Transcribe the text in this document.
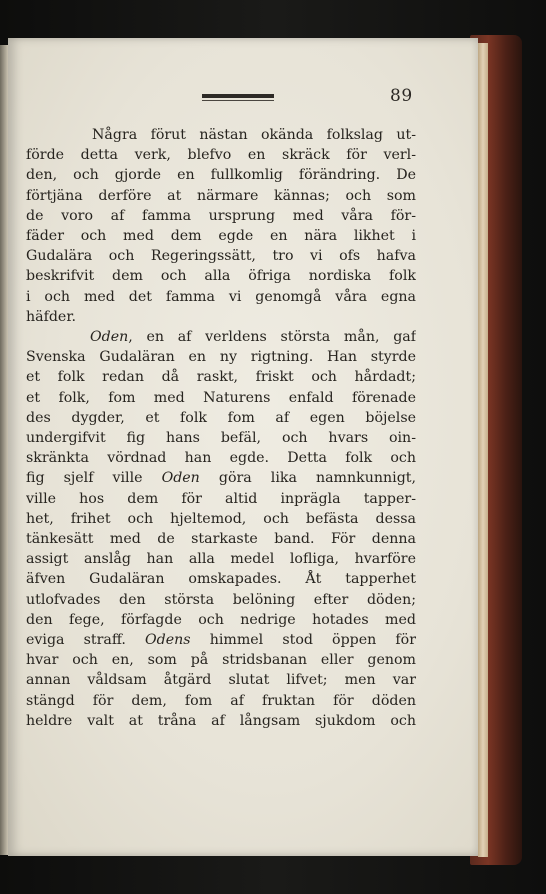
89
Några förut nästan okända folkslag ut-
förde detta verk, blefvo en skräck för verl-
den, och gjorde en fullkomlig förändring. De
förtjäna derföre at närmare kännas; och som
de voro af famma ursprung med våra för-
fäder och med dem egde en nära likhet i
Gudalära och Regeringssätt, tro vi ofs hafva
beskrifvit dem och alla öfriga nordiska folk
i och med det famma vi genomgå våra egna
häfder.
Oden, en af verldens största mån, gaf
Svenska Gudaläran en ny rigtning. Han styrde
et folk redan då raskt, friskt och hårdadt;
et folk, fom med Naturens enfald förenade
des dygder, et folk fom af egen böjelse
undergifvit fig hans befäl, och hvars oin-
skränkta vördnad han egde. Detta folk och
fig sjelf ville Oden göra lika namnkunnigt,
ville hos dem för altid inprägla tapper-
het, frihet och hjeltemod, och befästa dessa
tänkesätt med de starkaste band. För denna
assigt anslåg han alla medel lofliga, hvarföre
äfven Gudaläran omskapades. Åt tapperhet
utlofvades den största belöning efter döden;
den fege, förfagde och nedrige hotades med
eviga straff. Odens himmel stod öppen för
hvar och en, som på stridsbanan eller genom
annan våldsam åtgärd slutat lifvet; men var
stängd för dem, fom af fruktan för döden
heldre valt at tråna af långsam sjukdom och
